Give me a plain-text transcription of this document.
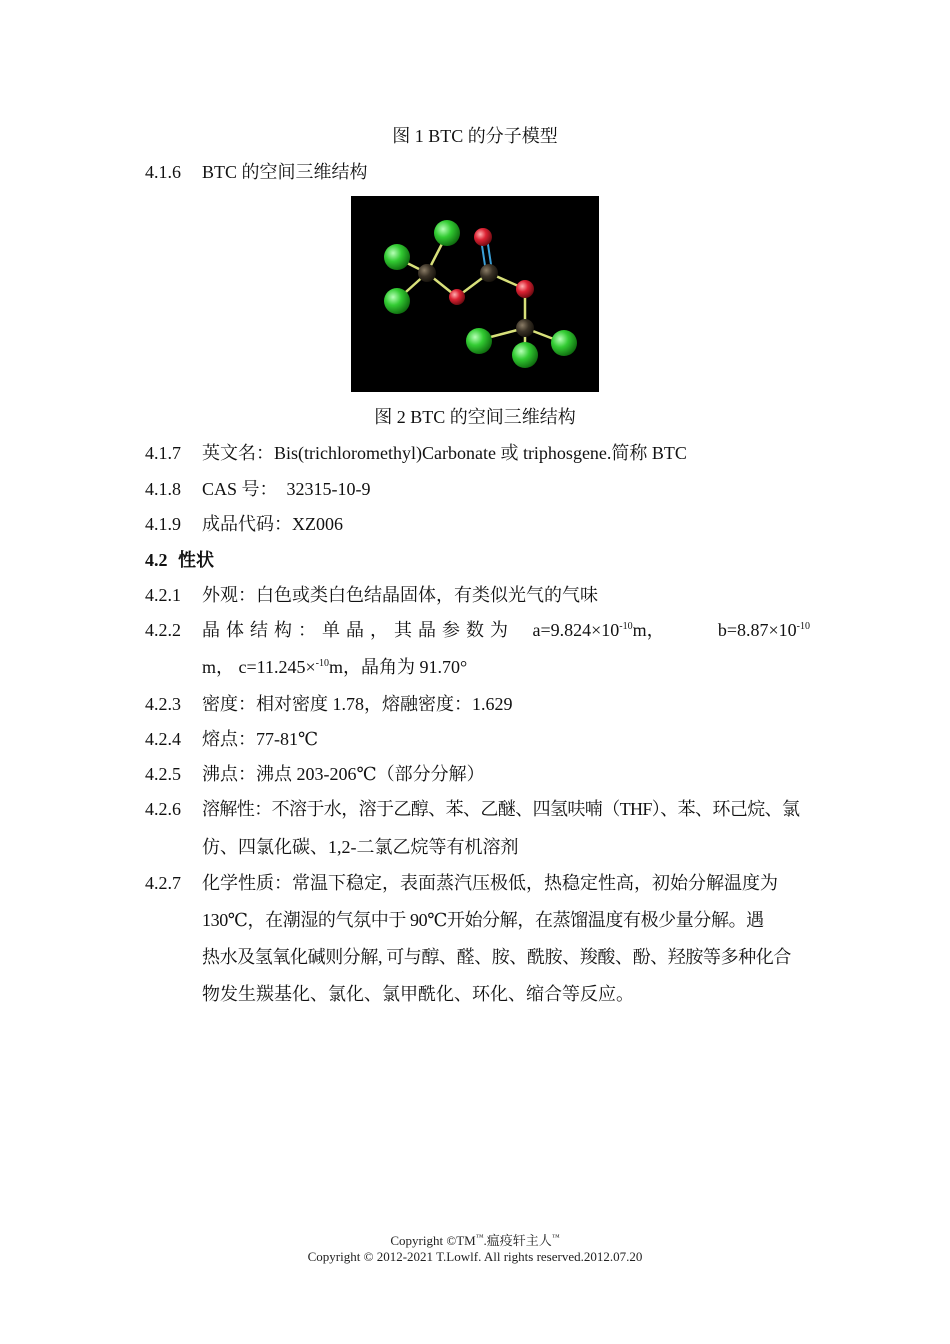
图 1 BTC 的分子模型
4.1.6	BTC 的空间三维结构
图 2 BTC 的空间三维结构
4.1.7	英文名：Bis(trichloromethyl)Carbonate 或 triphosgene.简称 BTC
4.1.8	CAS 号：  32315-10-9
4.1.9	成品代码：XZ006
4.2 性状
4.2.1	外观：白色或类白色结晶固体，有类似光气的气味
4.2.2	晶体结构：单晶，其晶参数为 $a=9.824\times 10^{-10}m$，	$b=8.87\times 10^{-10}$
m， c=11.245×$^{-10}$m，晶角为 91.70°
4.2.3	密度：相对密度 1.78，熔融密度：1.629
4.2.4	熔点：77-81℃
4.2.5	沸点：沸点 203-206℃（部分分解）
4.2.6	溶解性：不溶于水，溶于乙醇、苯、乙醚、四氢呋喃（THF）、苯、环己烷、氯
仿、四氯化碳、1,2-二氯乙烷等有机溶剂
4.2.7	化学性质：常温下稳定，表面蒸汽压极低，热稳定性高，初始分解温度为
130℃，在潮湿的气氛中于 90℃开始分解，在蒸馏温度有极少量分解。遇
热水及氢氧化碱则分解, 可与醇、醛、胺、酰胺、羧酸、酚、羟胺等多种化合
物发生羰基化、氯化、氯甲酰化、环化、缩合等反应。
Copyright ©TM™.瘟疫轩主人™
Copyright © 2012-2021 T.Lowlf. All rights reserved.2012.07.20
